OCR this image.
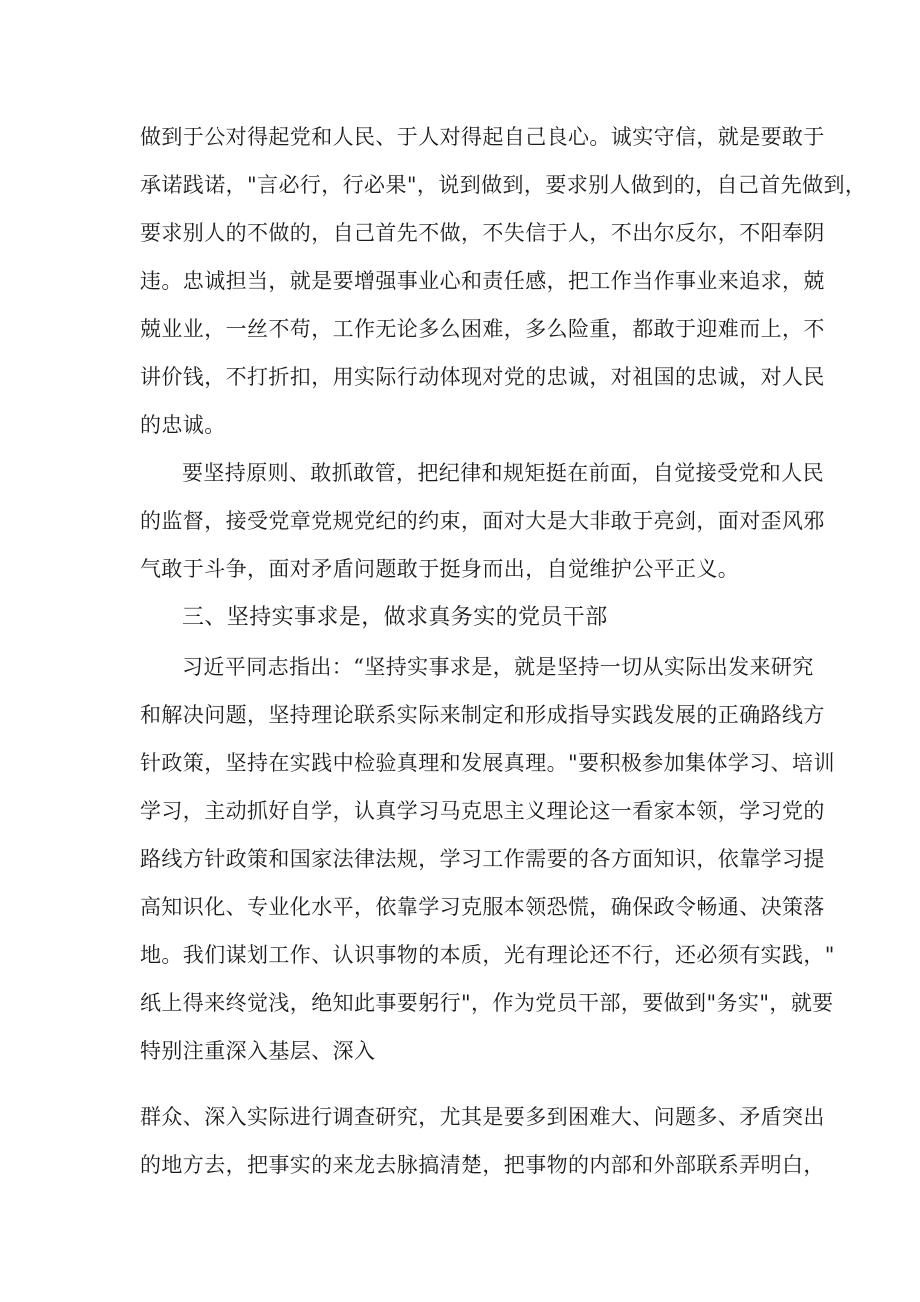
做到于公对得起党和人民、于人对得起自己良心。诚实守信，就是要敢于
承诺践诺，"言必行，行必果"，说到做到，要求别人做到的，自己首先做到，
要求别人的不做的，自己首先不做，不失信于人，不出尔反尔，不阳奉阴
违。忠诚担当，就是要增强事业心和责任感，把工作当作事业来追求，兢
兢业业，一丝不苟，工作无论多么困难，多么险重，都敢于迎难而上，不
讲价钱，不打折扣，用实际行动体现对党的忠诚，对祖国的忠诚，对人民
的忠诚。
要坚持原则、敢抓敢管，把纪律和规矩挺在前面，自觉接受党和人民
的监督，接受党章党规党纪的约束，面对大是大非敢于亮剑，面对歪风邪
气敢于斗争，面对矛盾问题敢于挺身而出，自觉维护公平正义。
三、坚持实事求是，做求真务实的党员干部
习近平同志指出：“坚持实事求是，就是坚持一切从实际出发来研究
和解决问题，坚持理论联系实际来制定和形成指导实践发展的正确路线方
针政策，坚持在实践中检验真理和发展真理。"要积极参加集体学习、培训
学习，主动抓好自学，认真学习马克思主义理论这一看家本领，学习党的
路线方针政策和国家法律法规，学习工作需要的各方面知识，依靠学习提
高知识化、专业化水平，依靠学习克服本领恐慌，确保政令畅通、决策落
地。我们谋划工作、认识事物的本质，光有理论还不行，还必须有实践，"
纸上得来终觉浅，绝知此事要躬行"，作为党员干部，要做到"务实"，就要
特别注重深入基层、深入
群众、深入实际进行调查研究，尤其是要多到困难大、问题多、矛盾突出
的地方去，把事实的来龙去脉搞清楚，把事物的内部和外部联系弄明白，
